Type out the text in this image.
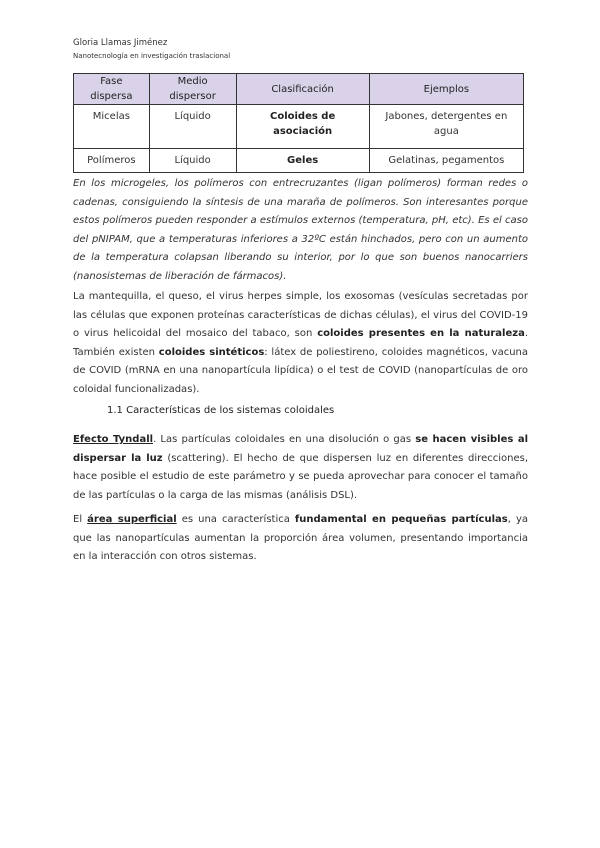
Gloria Llamas Jiménez
Nanotecnología en investigación traslacional
Fase dispersa	Medio dispersor	Clasificación	Ejemplos
Micelas	Líquido	Coloides de asociación	Jabones, detergentes en agua
Polímeros	Líquido	Geles	Gelatinas, pegamentos

En los microgeles, los polímeros con entrecruzantes (ligan polímeros) forman redes o cadenas, consiguiendo la síntesis de una maraña de polímeros. Son interesantes porque estos polímeros pueden responder a estímulos externos (temperatura, pH, etc). Es el caso del pNIPAM, que a temperaturas inferiores a 32ºC están hinchados, pero con un aumento de la temperatura colapsan liberando su interior, por lo que son buenos nanocarriers (nanosistemas de liberación de fármacos).

La mantequilla, el queso, el virus herpes simple, los exosomas (vesículas secretadas por las células que exponen proteínas características de dichas células), el virus del COVID-19 o virus helicoidal del mosaico del tabaco, son coloides presentes en la naturaleza. También existen coloides sintéticos: látex de poliestireno, coloides magnéticos, vacuna de COVID (mRNA en una nanopartícula lipídica) o el test de COVID (nanopartículas de oro coloidal funcionalizadas).

1.1 Características de los sistemas coloidales

Efecto Tyndall. Las partículas coloidales en una disolución o gas se hacen visibles al dispersar la luz (scattering). El hecho de que dispersen luz en diferentes direcciones, hace posible el estudio de este parámetro y se pueda aprovechar para conocer el tamaño de las partículas o la carga de las mismas (análisis DSL).

El área superficial es una característica fundamental en pequeñas partículas, ya que las nanopartículas aumentan la proporción área volumen, presentando importancia en la interacción con otros sistemas.
